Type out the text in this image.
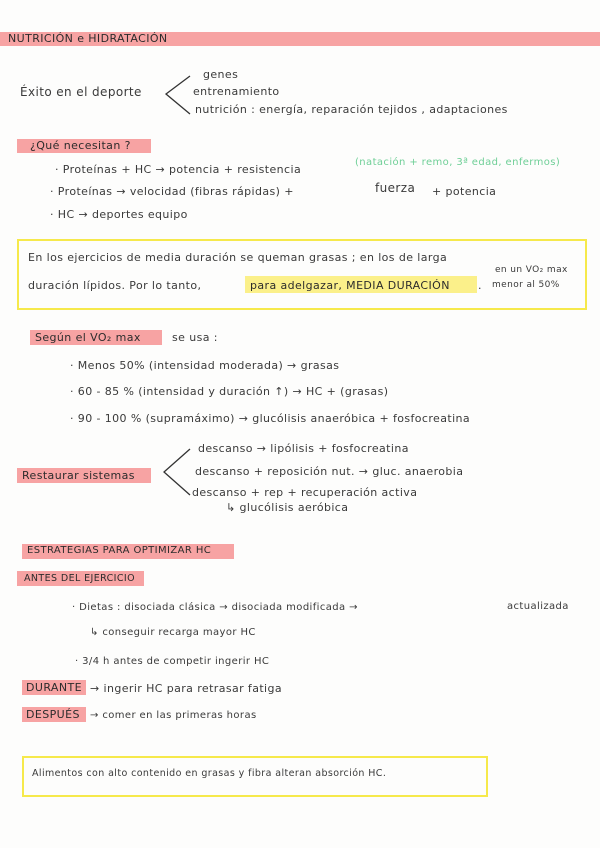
NUTRICIÓN e HIDRATACIÓN
Éxito en el deporte
genes
entrenamiento
nutrición : energía, reparación tejidos , adaptaciones
¿Qué necesitan ?
· Proteínas + HC → potencia + resistencia
(natación + remo, 3ª edad, enfermos)
· Proteínas → velocidad (fibras rápidas) +	fuerza + potencia
· HC → deportes equipo
En los ejercicios de media duración se queman grasas ; en los de larga
en un VO₂ max
duración lípidos. Por lo tanto,	para adelgazar, MEDIA DURACIÓN	. menor al 50%
Según el VO₂ max	se usa :
· Menos 50% (intensidad moderada) → grasas
· 60 - 85 % (intensidad y duración ↑) → HC + (grasas)
· 90 - 100 % (supramáximo) → glucólisis anaeróbica + fosfocreatina
Restaurar sistemas
descanso → lipólisis + fosfocreatina
descanso + reposición nut. → gluc. anaerobia
descanso + rep + recuperación activa
↳ glucólisis aeróbica
ESTRATEGIAS PARA OPTIMIZAR HC
ANTES DEL EJERCICIO
· Dietas : disociada clásica → disociada modificada →	actualizada
↳ conseguir recarga mayor HC
· 3/4 h antes de competir ingerir HC
DURANTE → ingerir HC para retrasar fatiga
DESPUÉS → comer en las primeras horas
Alimentos con alto contenido en grasas y fibra alteran absorción HC.
